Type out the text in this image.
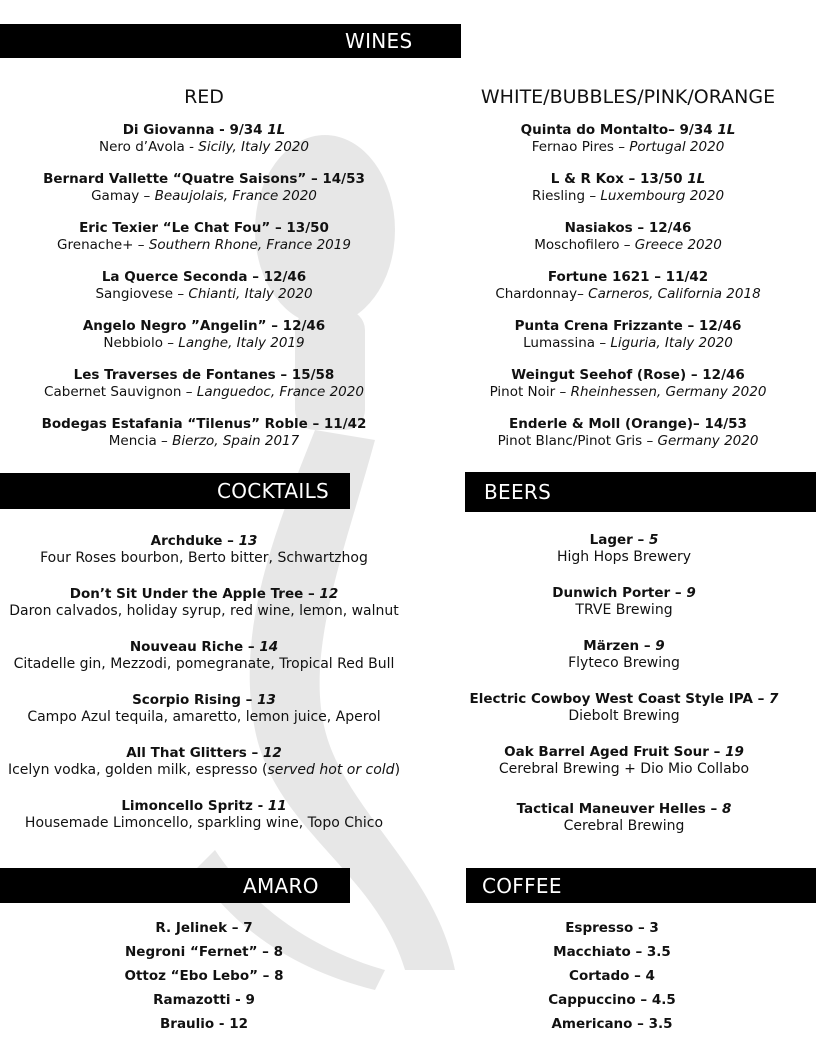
WINES
RED
Di Giovanna - 9/34 1L
Nero d’Avola - Sicily, Italy 2020
Bernard Vallette “Quatre Saisons” – 14/53
Gamay – Beaujolais, France 2020
Eric Texier “Le Chat Fou” – 13/50
Grenache+ – Southern Rhone, France 2019
La Querce Seconda – 12/46
Sangiovese – Chianti, Italy 2020
Angelo Negro ”Angelin” – 12/46
Nebbiolo – Langhe, Italy 2019
Les Traverses de Fontanes – 15/58
Cabernet Sauvignon – Languedoc, France 2020
Bodegas Estafania “Tilenus” Roble – 11/42
Mencia – Bierzo, Spain 2017
WHITE/BUBBLES/PINK/ORANGE
Quinta do Montalto– 9/34 1L
Fernao Pires – Portugal 2020
L & R Kox – 13/50 1L
Riesling – Luxembourg 2020
Nasiakos – 12/46
Moschofilero – Greece 2020
Fortune 1621 – 11/42
Chardonnay– Carneros, California 2018
Punta Crena Frizzante – 12/46
Lumassina – Liguria, Italy 2020
Weingut Seehof (Rose) – 12/46
Pinot Noir – Rheinhessen, Germany 2020
Enderle & Moll (Orange)– 14/53
Pinot Blanc/Pinot Gris – Germany 2020
COCKTAILS	BEERS
Archduke – 13
Four Roses bourbon, Berto bitter, Schwartzhog
Don’t Sit Under the Apple Tree – 12
Daron calvados, holiday syrup, red wine, lemon, walnut
Nouveau Riche – 14
Citadelle gin, Mezzodi, pomegranate, Tropical Red Bull
Scorpio Rising – 13
Campo Azul tequila, amaretto, lemon juice, Aperol
All That Glitters – 12
Icelyn vodka, golden milk, espresso (served hot or cold)
Limoncello Spritz - 11
Housemade Limoncello, sparkling wine, Topo Chico
Lager – 5
High Hops Brewery
Dunwich Porter – 9
TRVE Brewing
Märzen – 9
Flyteco Brewing
Electric Cowboy West Coast Style IPA – 7
Diebolt Brewing
Oak Barrel Aged Fruit Sour – 19
Cerebral Brewing + Dio Mio Collabo
Tactical Maneuver Helles – 8
Cerebral Brewing
AMARO	COFFEE
R. Jelinek – 7
Negroni “Fernet” – 8
Ottoz “Ebo Lebo” – 8
Ramazotti - 9
Braulio - 12
Espresso – 3
Macchiato – 3.5
Cortado – 4
Cappuccino – 4.5
Americano – 3.5
